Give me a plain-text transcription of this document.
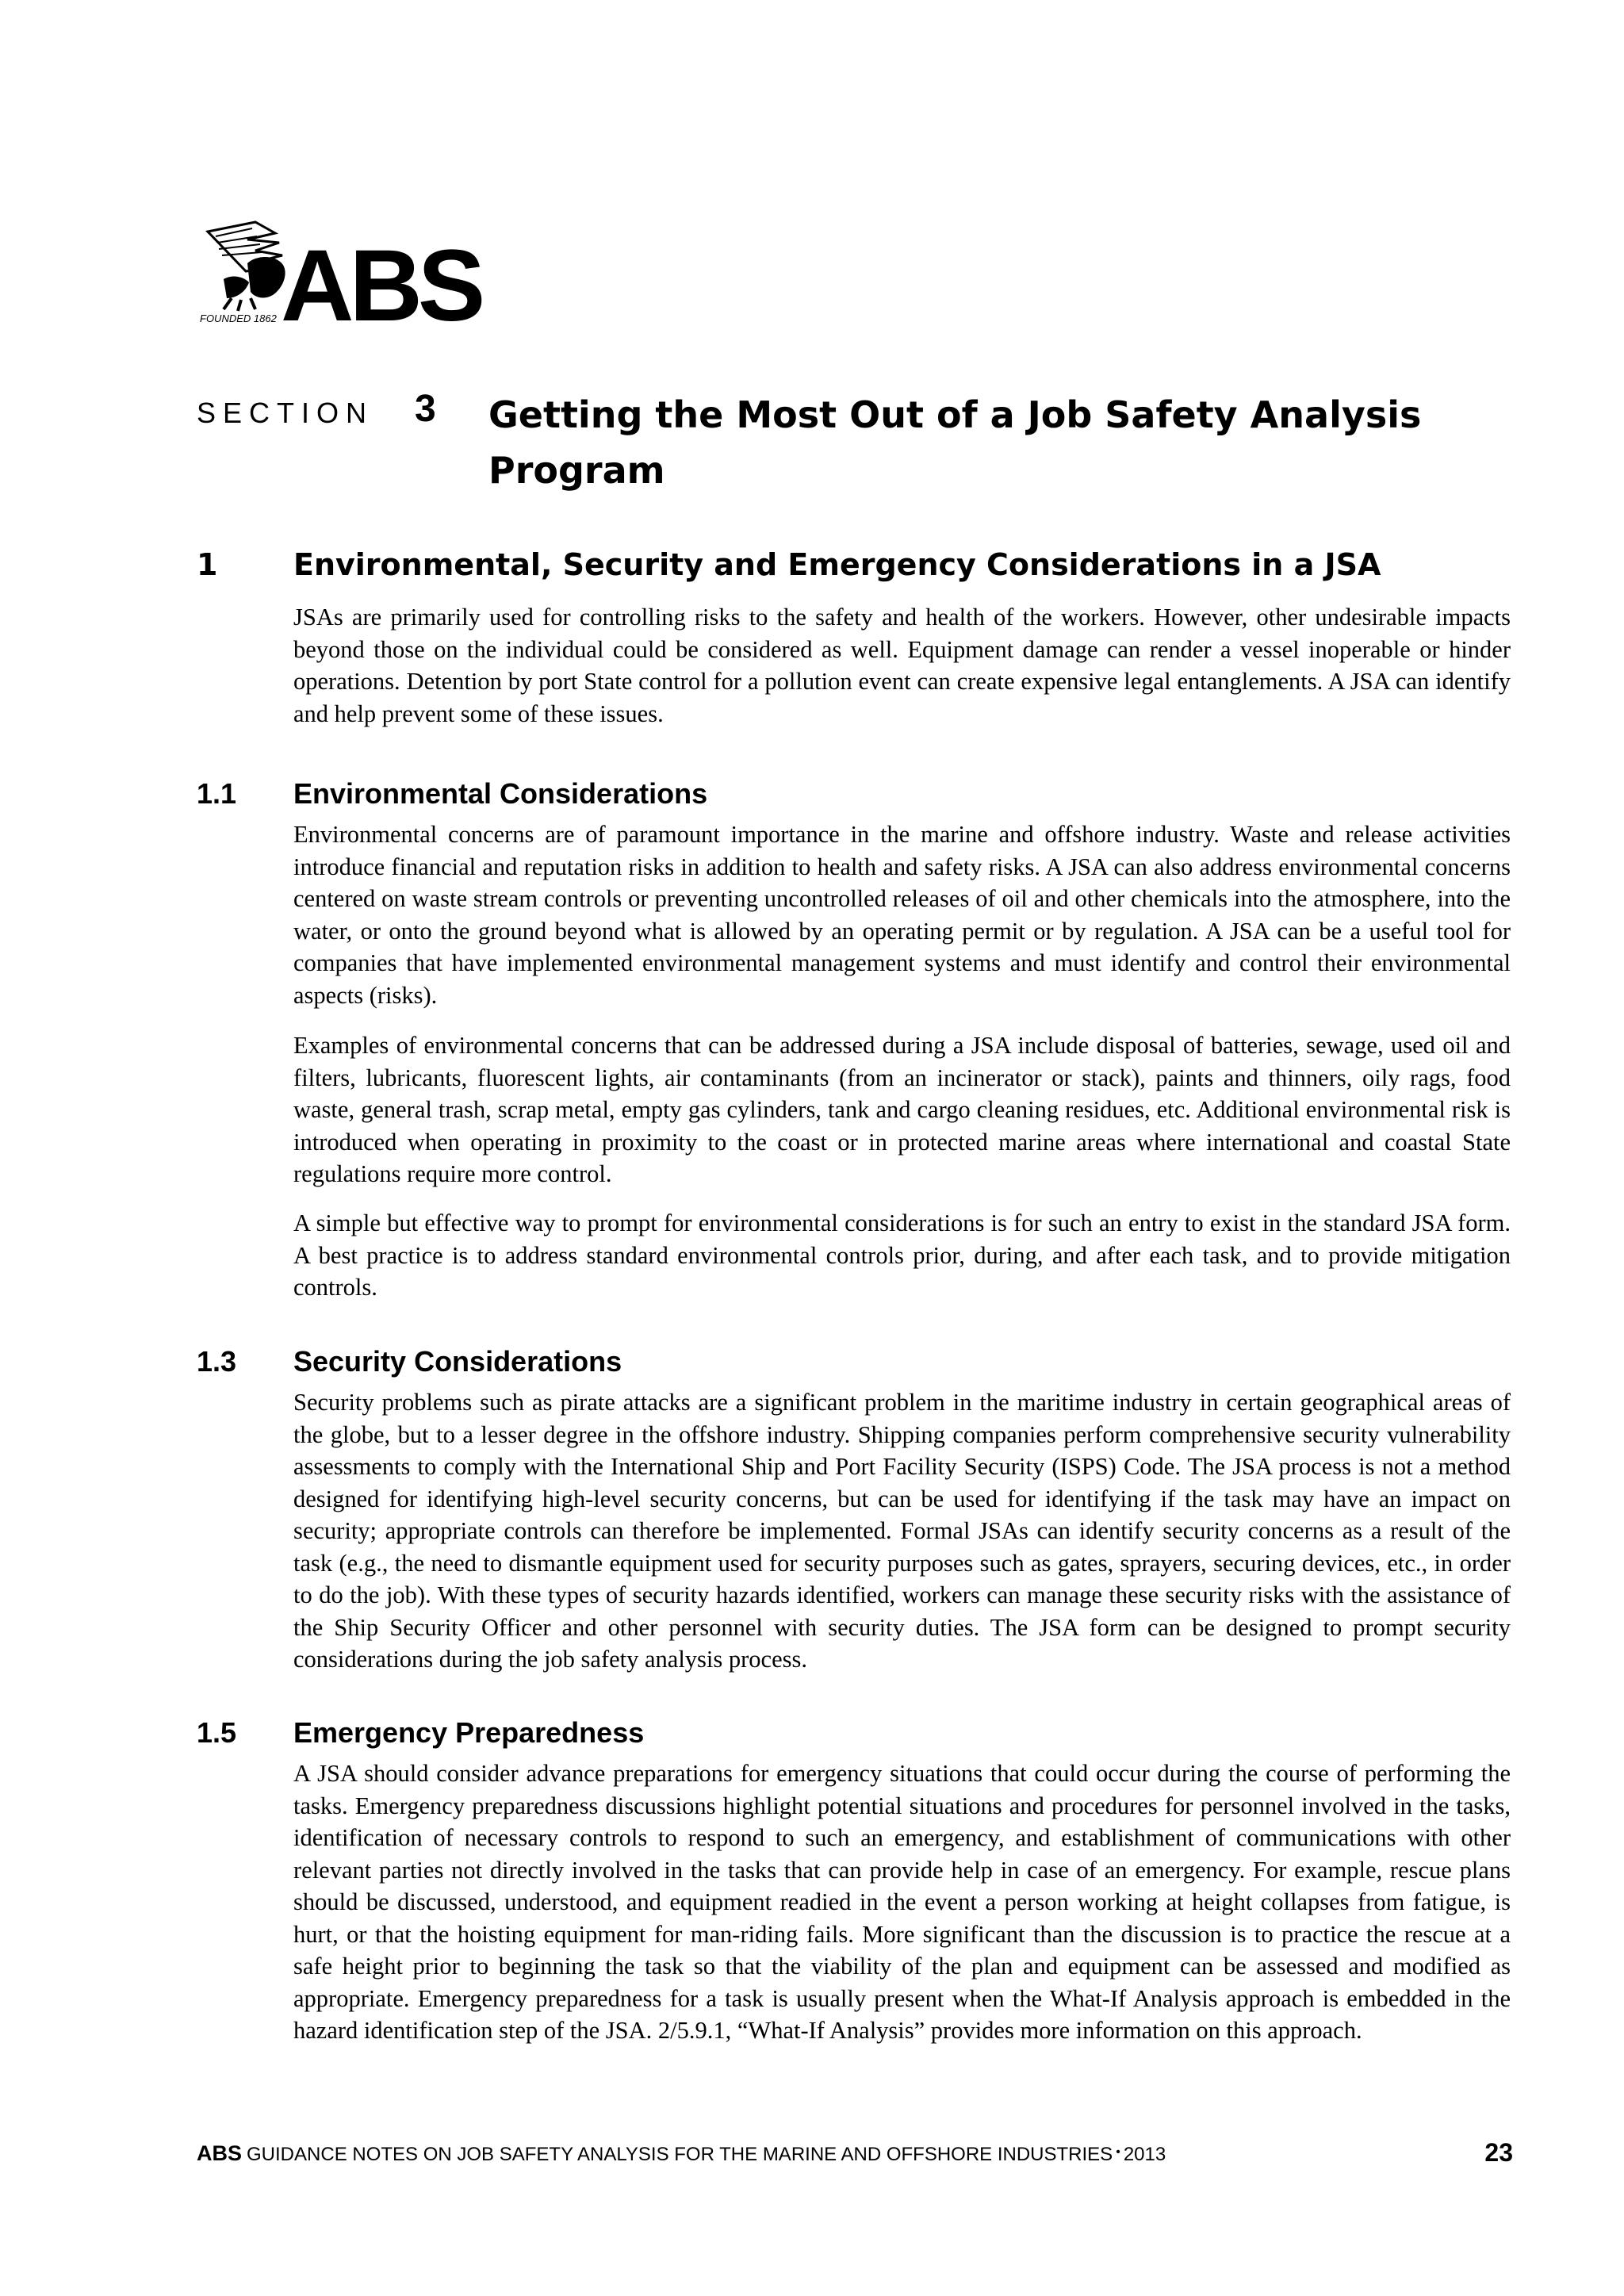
FOUNDED 1862 ABS
SECTION 3 Getting the Most Out of a Job Safety Analysis Program
1	Environmental, Security and Emergency Considerations in a JSA

JSAs are primarily used for controlling risks to the safety and health of the workers. However, other undesirable impacts beyond those on the individual could be considered as well. Equipment damage can render a vessel inoperable or hinder operations. Detention by port State control for a pollution event can create expensive legal entanglements. A JSA can identify and help prevent some of these issues.

1.1 Environmental Considerations

Environmental concerns are of paramount importance in the marine and offshore industry. Waste and release activities introduce financial and reputation risks in addition to health and safety risks. A JSA can also address environmental concerns centered on waste stream controls or preventing uncontrolled releases of oil and other chemicals into the atmosphere, into the water, or onto the ground beyond what is allowed by an operating permit or by regulation. A JSA can be a useful tool for companies that have implemented environmental management systems and must identify and control their environmental aspects (risks).

Examples of environmental concerns that can be addressed during a JSA include disposal of batteries, sewage, used oil and filters, lubricants, fluorescent lights, air contaminants (from an incinerator or stack), paints and thinners, oily rags, food waste, general trash, scrap metal, empty gas cylinders, tank and cargo cleaning residues, etc. Additional environmental risk is introduced when operating in proximity to the coast or in protected marine areas where international and coastal State regulations require more control.

A simple but effective way to prompt for environmental considerations is for such an entry to exist in the standard JSA form. A best practice is to address standard environmental controls prior, during, and after each task, and to provide mitigation controls.

1.3 Security Considerations

Security problems such as pirate attacks are a significant problem in the maritime industry in certain geographical areas of the globe, but to a lesser degree in the offshore industry. Shipping companies perform comprehensive security vulnerability assessments to comply with the International Ship and Port Facility Security (ISPS) Code. The JSA process is not a method designed for identifying high-level security concerns, but can be used for identifying if the task may have an impact on security; appropriate controls can therefore be implemented. Formal JSAs can identify security concerns as a result of the task (e.g., the need to dismantle equipment used for security purposes such as gates, sprayers, securing devices, etc., in order to do the job). With these types of security hazards identified, workers can manage these security risks with the assistance of the Ship Security Officer and other personnel with security duties. The JSA form can be designed to prompt security considerations during the job safety analysis process.

1.5 Emergency Preparedness

A JSA should consider advance preparations for emergency situations that could occur during the course of performing the tasks. Emergency preparedness discussions highlight potential situations and procedures for personnel involved in the tasks, identification of necessary controls to respond to such an emergency, and establishment of communications with other relevant parties not directly involved in the tasks that can provide help in case of an emergency. For example, rescue plans should be discussed, understood, and equipment readied in the event a person working at height collapses from fatigue, is hurt, or that the hoisting equipment for man-riding fails. More significant than the discussion is to practice the rescue at a safe height prior to beginning the task so that the viability of the plan and equipment can be assessed and modified as appropriate. Emergency preparedness for a task is usually present when the What-If Analysis approach is embedded in the hazard identification step of the JSA. 2/5.9.1, “What-If Analysis” provides more information on this approach.

ABS GUIDANCE NOTES ON JOB SAFETY ANALYSIS FOR THE MARINE AND OFFSHORE INDUSTRIES • 2013	23
